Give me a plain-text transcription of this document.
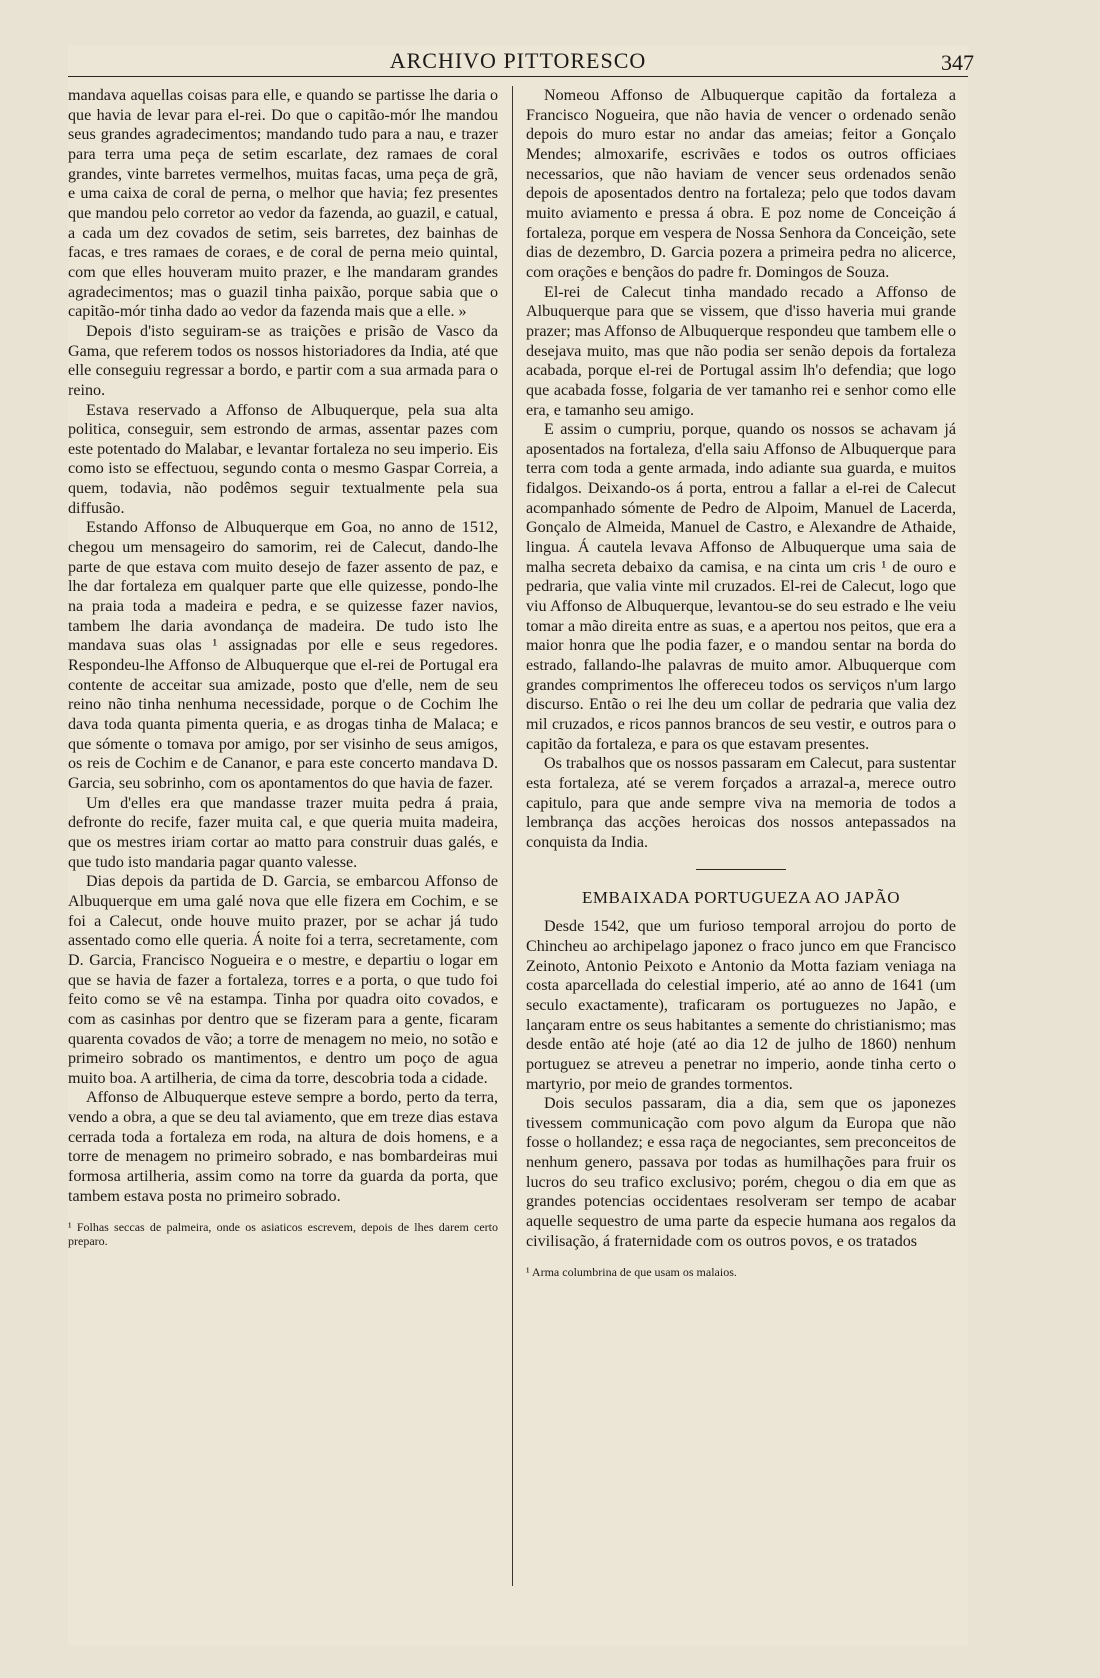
ARCHIVO PITTORESCO	347

mandava aquellas coisas para elle, e quando se partisse lhe daria o que havia de levar para el-rei. Do que o capitão-mór lhe mandou seus grandes agradecimentos; mandando tudo para a nau, e trazer para terra uma peça de setim escarlate, dez ramaes de coral grandes, vinte barretes vermelhos, muitas facas, uma peça de grã, e uma caixa de coral de perna, o melhor que havia; fez presentes que mandou pelo corretor ao vedor da fazenda, ao guazil, e catual, a cada um dez covados de setim, seis barretes, dez bainhas de facas, e tres ramaes de coraes, e de coral de perna meio quintal, com que elles houveram muito prazer, e lhe mandaram grandes agradecimentos; mas o guazil tinha paixão, porque sabia que o capitão-mór tinha dado ao vedor da fazenda mais que a elle. »

Depois d'isto seguiram-se as traições e prisão de Vasco da Gama, que referem todos os nossos historiadores da India, até que elle conseguiu regressar a bordo, e partir com a sua armada para o reino.

Estava reservado a Affonso de Albuquerque, pela sua alta politica, conseguir, sem estrondo de armas, assentar pazes com este potentado do Malabar, e levantar fortaleza no seu imperio. Eis como isto se effectuou, segundo conta o mesmo Gaspar Correia, a quem, todavia, não podêmos seguir textualmente pela sua diffusão.

Estando Affonso de Albuquerque em Goa, no anno de 1512, chegou um mensageiro do samorim, rei de Calecut, dando-lhe parte de que estava com muito desejo de fazer assento de paz, e lhe dar fortaleza em qualquer parte que elle quizesse, pondo-lhe na praia toda a madeira e pedra, e se quizesse fazer navios, tambem lhe daria avondança de madeira. De tudo isto lhe mandava suas olas ¹ assignadas por elle e seus regedores. Respondeu-lhe Affonso de Albuquerque que el-rei de Portugal era contente de acceitar sua amizade, posto que d'elle, nem de seu reino não tinha nenhuma necessidade, porque o de Cochim lhe dava toda quanta pimenta queria, e as drogas tinha de Malaca; e que sómente o tomava por amigo, por ser visinho de seus amigos, os reis de Cochim e de Cananor, e para este concerto mandava D. Garcia, seu sobrinho, com os apontamentos do que havia de fazer.

Um d'elles era que mandasse trazer muita pedra á praia, defronte do recife, fazer muita cal, e que queria muita madeira, que os mestres iriam cortar ao matto para construir duas galés, e que tudo isto mandaria pagar quanto valesse.

Dias depois da partida de D. Garcia, se embarcou Affonso de Albuquerque em uma galé nova que elle fizera em Cochim, e se foi a Calecut, onde houve muito prazer, por se achar já tudo assentado como elle queria. Á noite foi a terra, secretamente, com D. Garcia, Francisco Nogueira e o mestre, e departiu o logar em que se havia de fazer a fortaleza, torres e a porta, o que tudo foi feito como se vê na estampa. Tinha por quadra oito covados, e com as casinhas por dentro que se fizeram para a gente, ficaram quarenta covados de vão; a torre de menagem no meio, no sotão e primeiro sobrado os mantimentos, e dentro um poço de agua muito boa. A artilheria, de cima da torre, descobria toda a cidade.

Affonso de Albuquerque esteve sempre a bordo, perto da terra, vendo a obra, a que se deu tal aviamento, que em treze dias estava cerrada toda a fortaleza em roda, na altura de dois homens, e a torre de menagem no primeiro sobrado, e nas bombardeiras mui formosa artilheria, assim como na torre da guarda da porta, que tambem estava posta no primeiro sobrado.

¹ Folhas seccas de palmeira, onde os asiaticos escrevem, depois de lhes darem certo preparo.

Nomeou Affonso de Albuquerque capitão da fortaleza a Francisco Nogueira, que não havia de vencer o ordenado senão depois do muro estar no andar das ameias; feitor a Gonçalo Mendes; almoxarife, escrivães e todos os outros officiaes necessarios, que não haviam de vencer seus ordenados senão depois de aposentados dentro na fortaleza; pelo que todos davam muito aviamento e pressa á obra. E poz nome de Conceição á fortaleza, porque em vespera de Nossa Senhora da Conceição, sete dias de dezembro, D. Garcia pozera a primeira pedra no alicerce, com orações e bençãos do padre fr. Domingos de Souza.

El-rei de Calecut tinha mandado recado a Affonso de Albuquerque para que se vissem, que d'isso haveria mui grande prazer; mas Affonso de Albuquerque respondeu que tambem elle o desejava muito, mas que não podia ser senão depois da fortaleza acabada, porque el-rei de Portugal assim lh'o defendia; que logo que acabada fosse, folgaria de ver tamanho rei e senhor como elle era, e tamanho seu amigo.

E assim o cumpriu, porque, quando os nossos se achavam já aposentados na fortaleza, d'ella saiu Affonso de Albuquerque para terra com toda a gente armada, indo adiante sua guarda, e muitos fidalgos. Deixando-os á porta, entrou a fallar a el-rei de Calecut acompanhado sómente de Pedro de Alpoim, Manuel de Lacerda, Gonçalo de Almeida, Manuel de Castro, e Alexandre de Athaide, lingua. Á cautela levava Affonso de Albuquerque uma saia de malha secreta debaixo da camisa, e na cinta um cris ¹ de ouro e pedraria, que valia vinte mil cruzados. El-rei de Calecut, logo que viu Affonso de Albuquerque, levantou-se do seu estrado e lhe veiu tomar a mão direita entre as suas, e a apertou nos peitos, que era a maior honra que lhe podia fazer, e o mandou sentar na borda do estrado, fallando-lhe palavras de muito amor. Albuquerque com grandes comprimentos lhe offereceu todos os serviços n'um largo discurso. Então o rei lhe deu um collar de pedraria que valia dez mil cruzados, e ricos pannos brancos de seu vestir, e outros para o capitão da fortaleza, e para os que estavam presentes.

Os trabalhos que os nossos passaram em Calecut, para sustentar esta fortaleza, até se verem forçados a arrazal-a, merece outro capitulo, para que ande sempre viva na memoria de todos a lembrança das acções heroicas dos nossos antepassados na conquista da India.

EMBAIXADA PORTUGUEZA AO JAPÃO

Desde 1542, que um furioso temporal arrojou do porto de Chincheu ao archipelago japonez o fraco junco em que Francisco Zeinoto, Antonio Peixoto e Antonio da Motta faziam veniaga na costa aparcellada do celestial imperio, até ao anno de 1641 (um seculo exactamente), traficaram os portuguezes no Japão, e lançaram entre os seus habitantes a semente do christianismo; mas desde então até hoje (até ao dia 12 de julho de 1860) nenhum portuguez se atreveu a penetrar no imperio, aonde tinha certo o martyrio, por meio de grandes tormentos.

Dois seculos passaram, dia a dia, sem que os japonezes tivessem communicação com povo algum da Europa que não fosse o hollandez; e essa raça de negociantes, sem preconceitos de nenhum genero, passava por todas as humilhações para fruir os lucros do seu trafico exclusivo; porém, chegou o dia em que as grandes potencias occidentaes resolveram ser tempo de acabar aquelle sequestro de uma parte da especie humana aos regalos da civilisação, á fraternidade com os outros povos, e os tratados

¹ Arma columbrina de que usam os malaios.
